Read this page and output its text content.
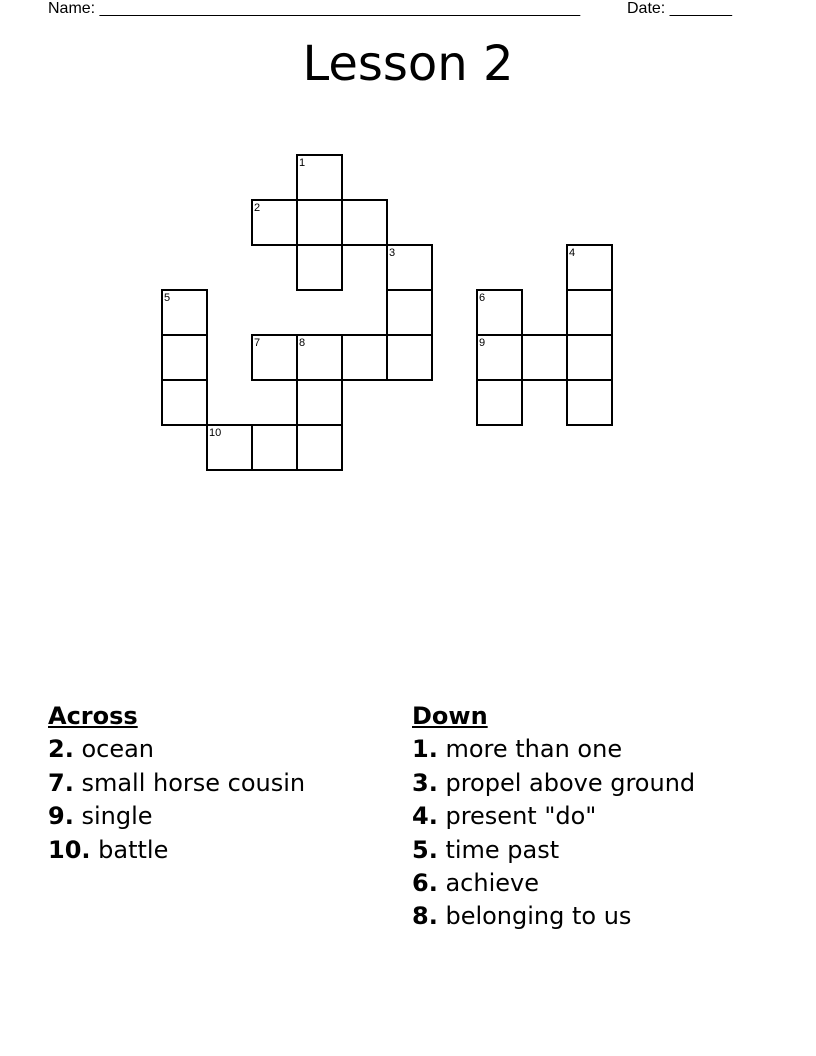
Name: ______________________________________________________	Date: _______
Lesson 2
1
2
3	4
5	6
7	8	9
10
Across
2. ocean
7. small horse cousin
9. single
10. battle
Down
1. more than one
3. propel above ground
4. present "do"
5. time past
6. achieve
8. belonging to us
